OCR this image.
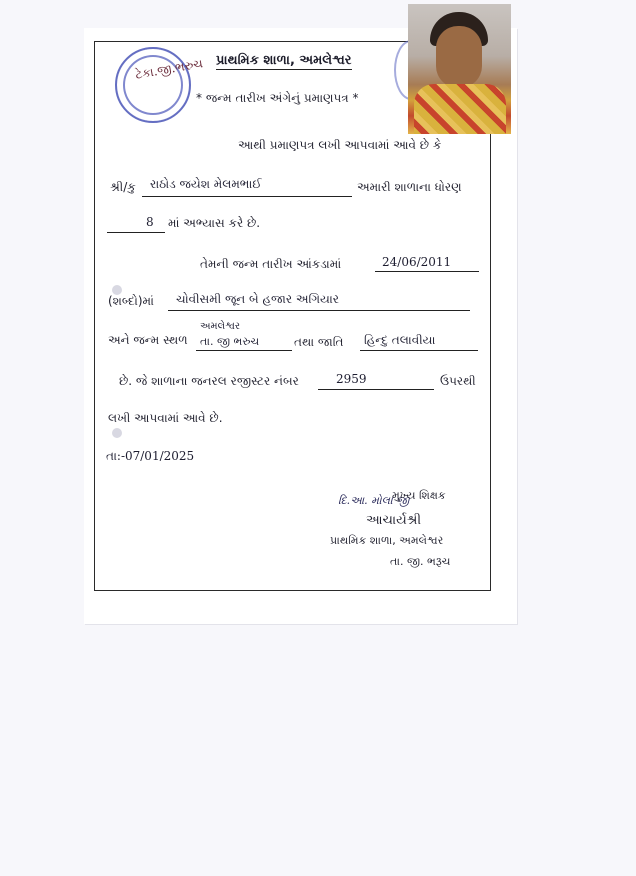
ટેકા.જી.ભરુચ પ્રાથમિક શાળા, અમલેશ્વર
* જન્મ તારીખ અંગેનું પ્રમાણપત્ર *
આથી પ્રમાણપત્ર લખી આપવામાં આવે છે કે
શ્રી/કુ રાઠોડ જયેશ મેલમભાઈ	અમારી શાળાના ધોરણ
8 માં અભ્યાસ કરે છે.
તેમની જન્મ તારીખ આંકડામાં	24/06/2011
(શબ્દો)માં ચોવીસમી જૂન બે હજાર અગિયાર
અને જન્મ સ્થળ
અમલેશ્વર
તા. જી ભરુચ	તથા જાતિ હિન્દુ તલાવીયા
છે. જે શાળાના જનરલ રજીસ્ટર નંબર	2959	ઉપરથી
લખી આપવામાં આવે છે.
તા:-07/01/2025
દિ.આ. મોલા જી
મુખ્ય શિક્ષક
આચાર્યશ્રી
પ્રાથમિક શાળા, અમલેશ્વર
તા. જી. ભરૂચ
